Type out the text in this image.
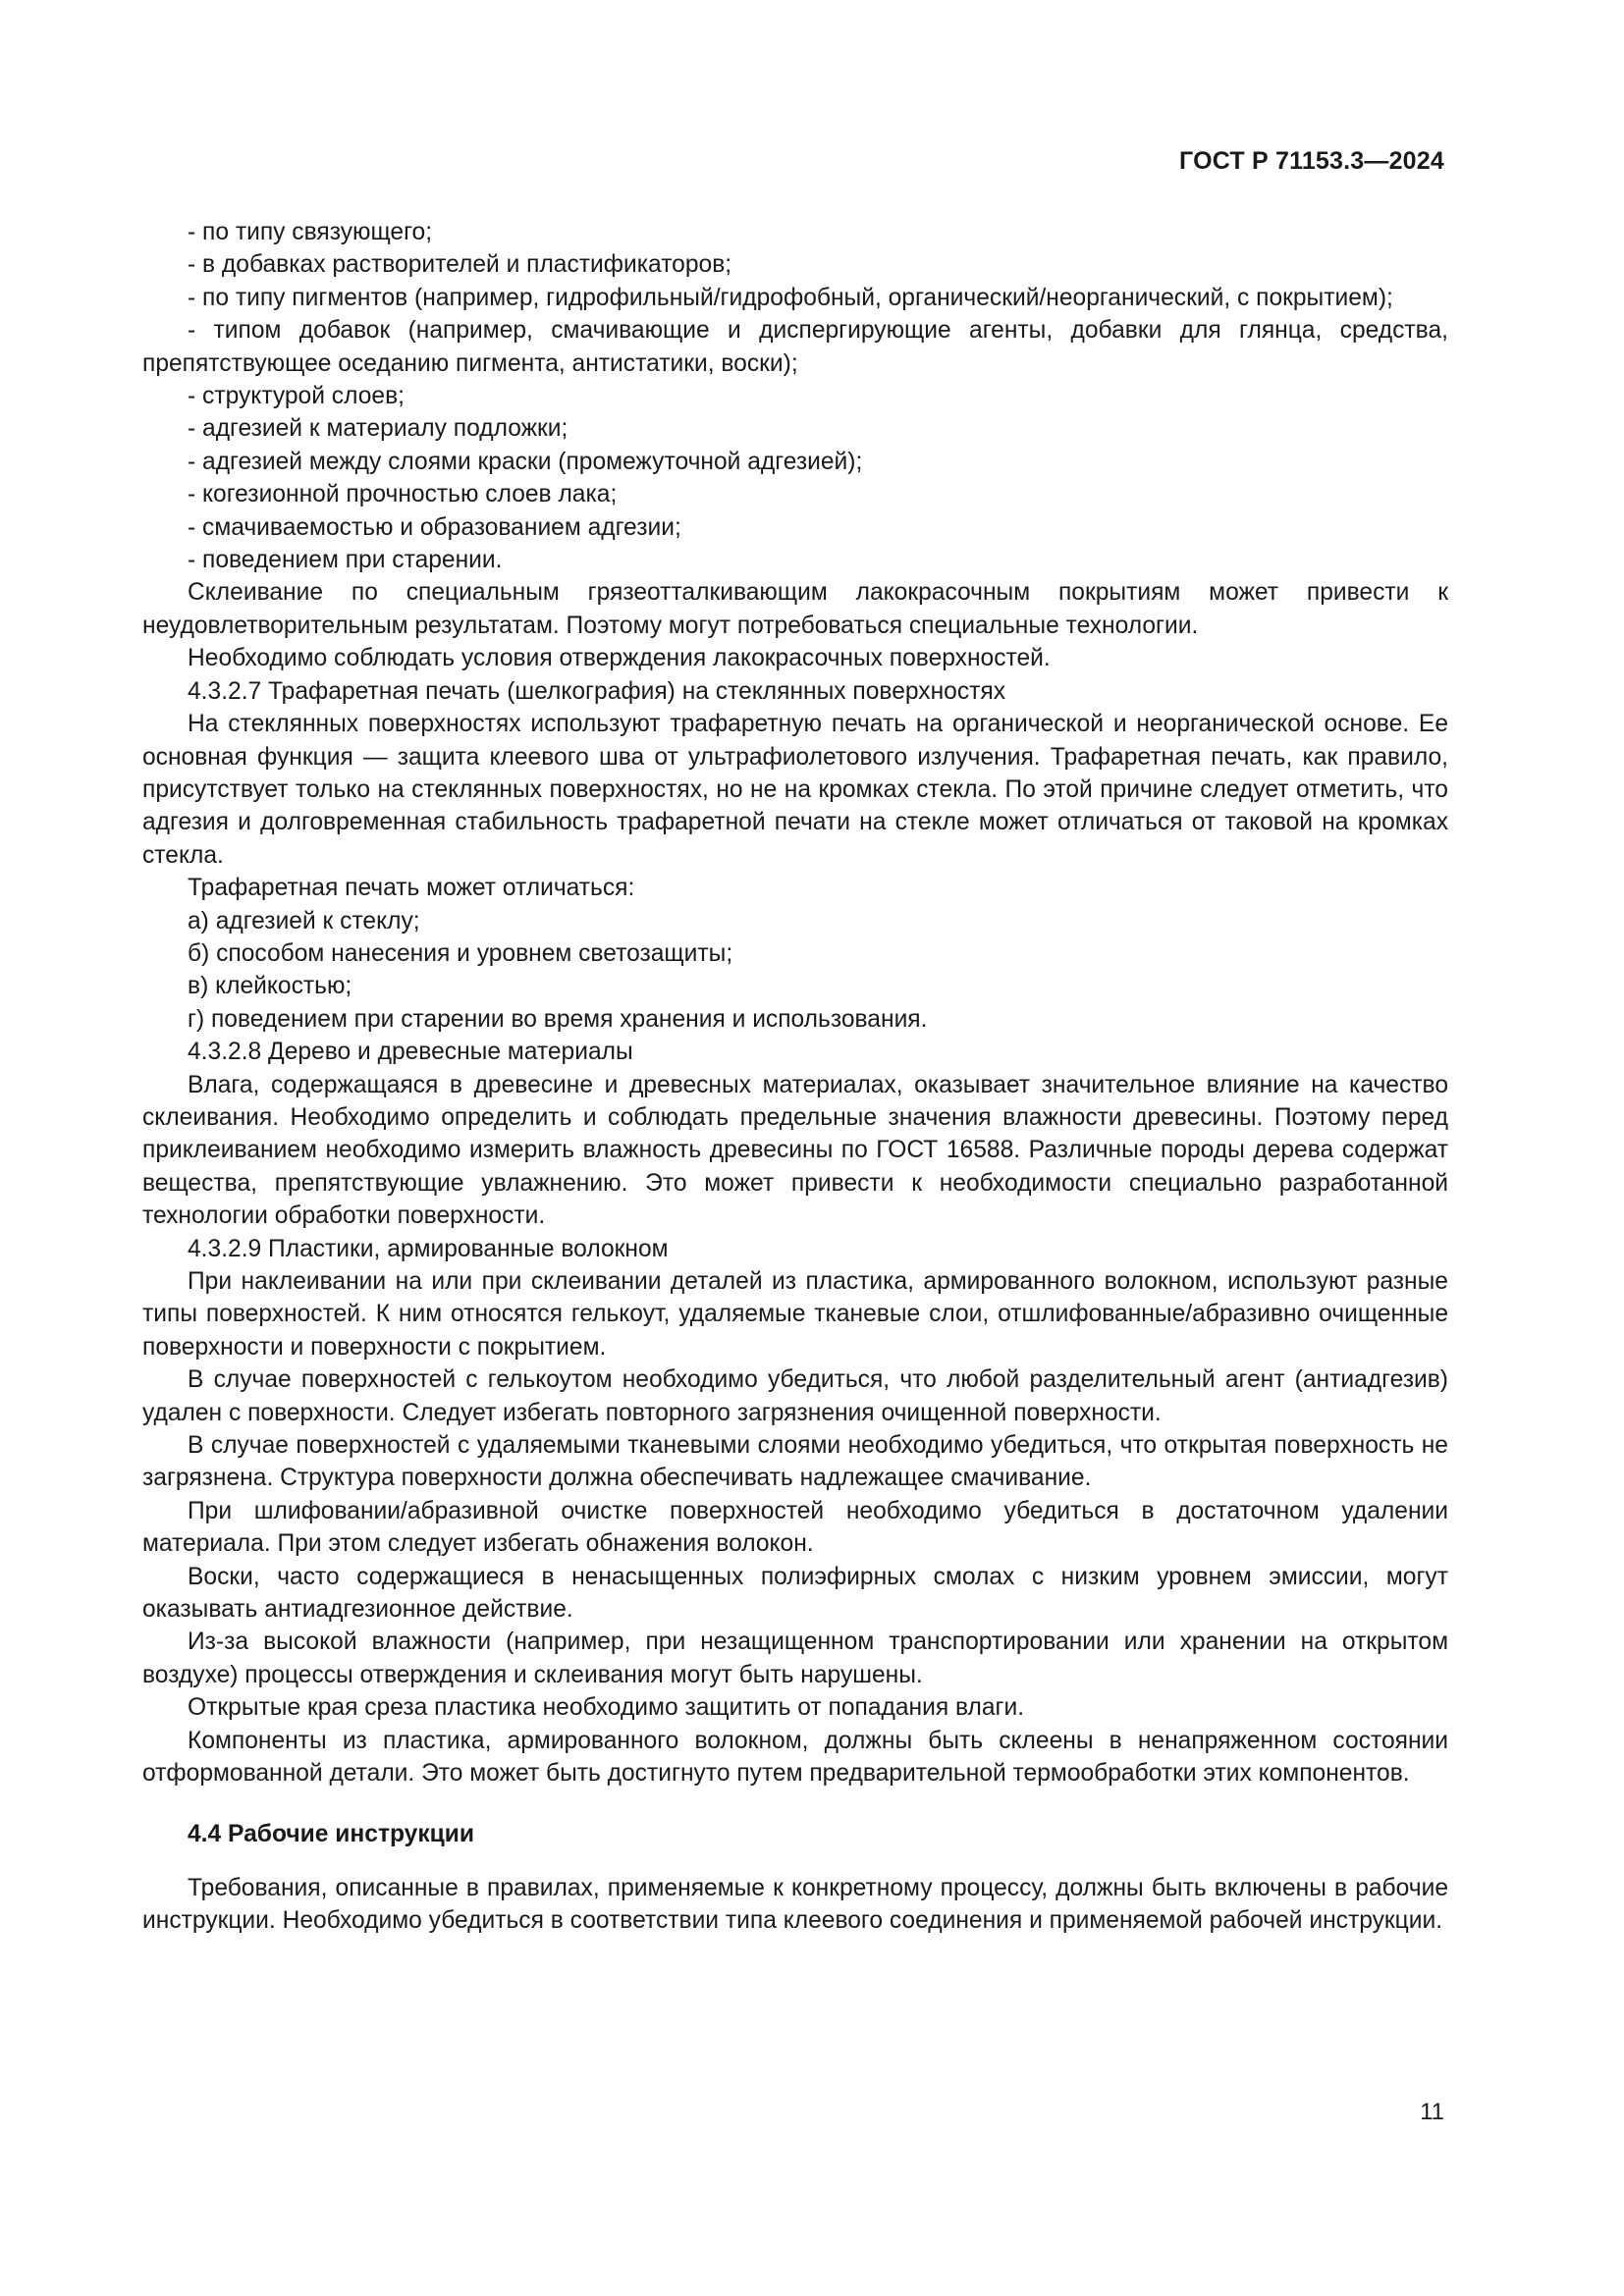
ГОСТ Р 71153.3—2024

- по типу связующего;

- в добавках растворителей и пластификаторов;

- по типу пигментов (например, гидрофильный/гидрофобный, органический/неорганический, с покрытием);

- типом добавок (например, смачивающие и диспергирующие агенты, добавки для глянца, средства, препятствующее оседанию пигмента, антистатики, воски);

- структурой слоев;

- адгезией к материалу подложки;

- адгезией между слоями краски (промежуточной адгезией);

- когезионной прочностью слоев лака;

- смачиваемостью и образованием адгезии;

- поведением при старении.

Склеивание по специальным грязеотталкивающим лакокрасочным покрытиям может привести к неудовлетворительным результатам. Поэтому могут потребоваться специальные технологии.

Необходимо соблюдать условия отверждения лакокрасочных поверхностей.

4.3.2.7 Трафаретная печать (шелкография) на стеклянных поверхностях

На стеклянных поверхностях используют трафаретную печать на органической и неорганической основе. Ее основная функция — защита клеевого шва от ультрафиолетового излучения. Трафаретная печать, как правило, присутствует только на стеклянных поверхностях, но не на кромках стекла. По этой причине следует отметить, что адгезия и долговременная стабильность трафаретной печати на стекле может отличаться от таковой на кромках стекла.

Трафаретная печать может отличаться:

а) адгезией к стеклу;

б) способом нанесения и уровнем светозащиты;

в) клейкостью;

г) поведением при старении во время хранения и использования.

4.3.2.8 Дерево и древесные материалы

Влага, содержащаяся в древесине и древесных материалах, оказывает значительное влияние на качество склеивания. Необходимо определить и соблюдать предельные значения влажности древесины. Поэтому перед приклеиванием необходимо измерить влажность древесины по ГОСТ 16588. Различные породы дерева содержат вещества, препятствующие увлажнению. Это может привести к необходимости специально разработанной технологии обработки поверхности.

4.3.2.9 Пластики, армированные волокном

При наклеивании на или при склеивании деталей из пластика, армированного волокном, используют разные типы поверхностей. К ним относятся гелькоут, удаляемые тканевые слои, отшлифованные/абразивно очищенные поверхности и поверхности с покрытием.

В случае поверхностей с гелькоутом необходимо убедиться, что любой разделительный агент (антиадгезив) удален с поверхности. Следует избегать повторного загрязнения очищенной поверхности.

В случае поверхностей с удаляемыми тканевыми слоями необходимо убедиться, что открытая поверхность не загрязнена. Структура поверхности должна обеспечивать надлежащее смачивание.

При шлифовании/абразивной очистке поверхностей необходимо убедиться в достаточном удалении материала. При этом следует избегать обнажения волокон.

Воски, часто содержащиеся в ненасыщенных полиэфирных смолах с низким уровнем эмиссии, могут оказывать антиадгезионное действие.

Из-за высокой влажности (например, при незащищенном транспортировании или хранении на открытом воздухе) процессы отверждения и склеивания могут быть нарушены.

Открытые края среза пластика необходимо защитить от попадания влаги.

Компоненты из пластика, армированного волокном, должны быть склеены в ненапряженном состоянии отформованной детали. Это может быть достигнуто путем предварительной термообработки этих компонентов.

4.4 Рабочие инструкции

Требования, описанные в правилах, применяемые к конкретному процессу, должны быть включены в рабочие инструкции. Необходимо убедиться в соответствии типа клеевого соединения и применяемой рабочей инструкции.

11
